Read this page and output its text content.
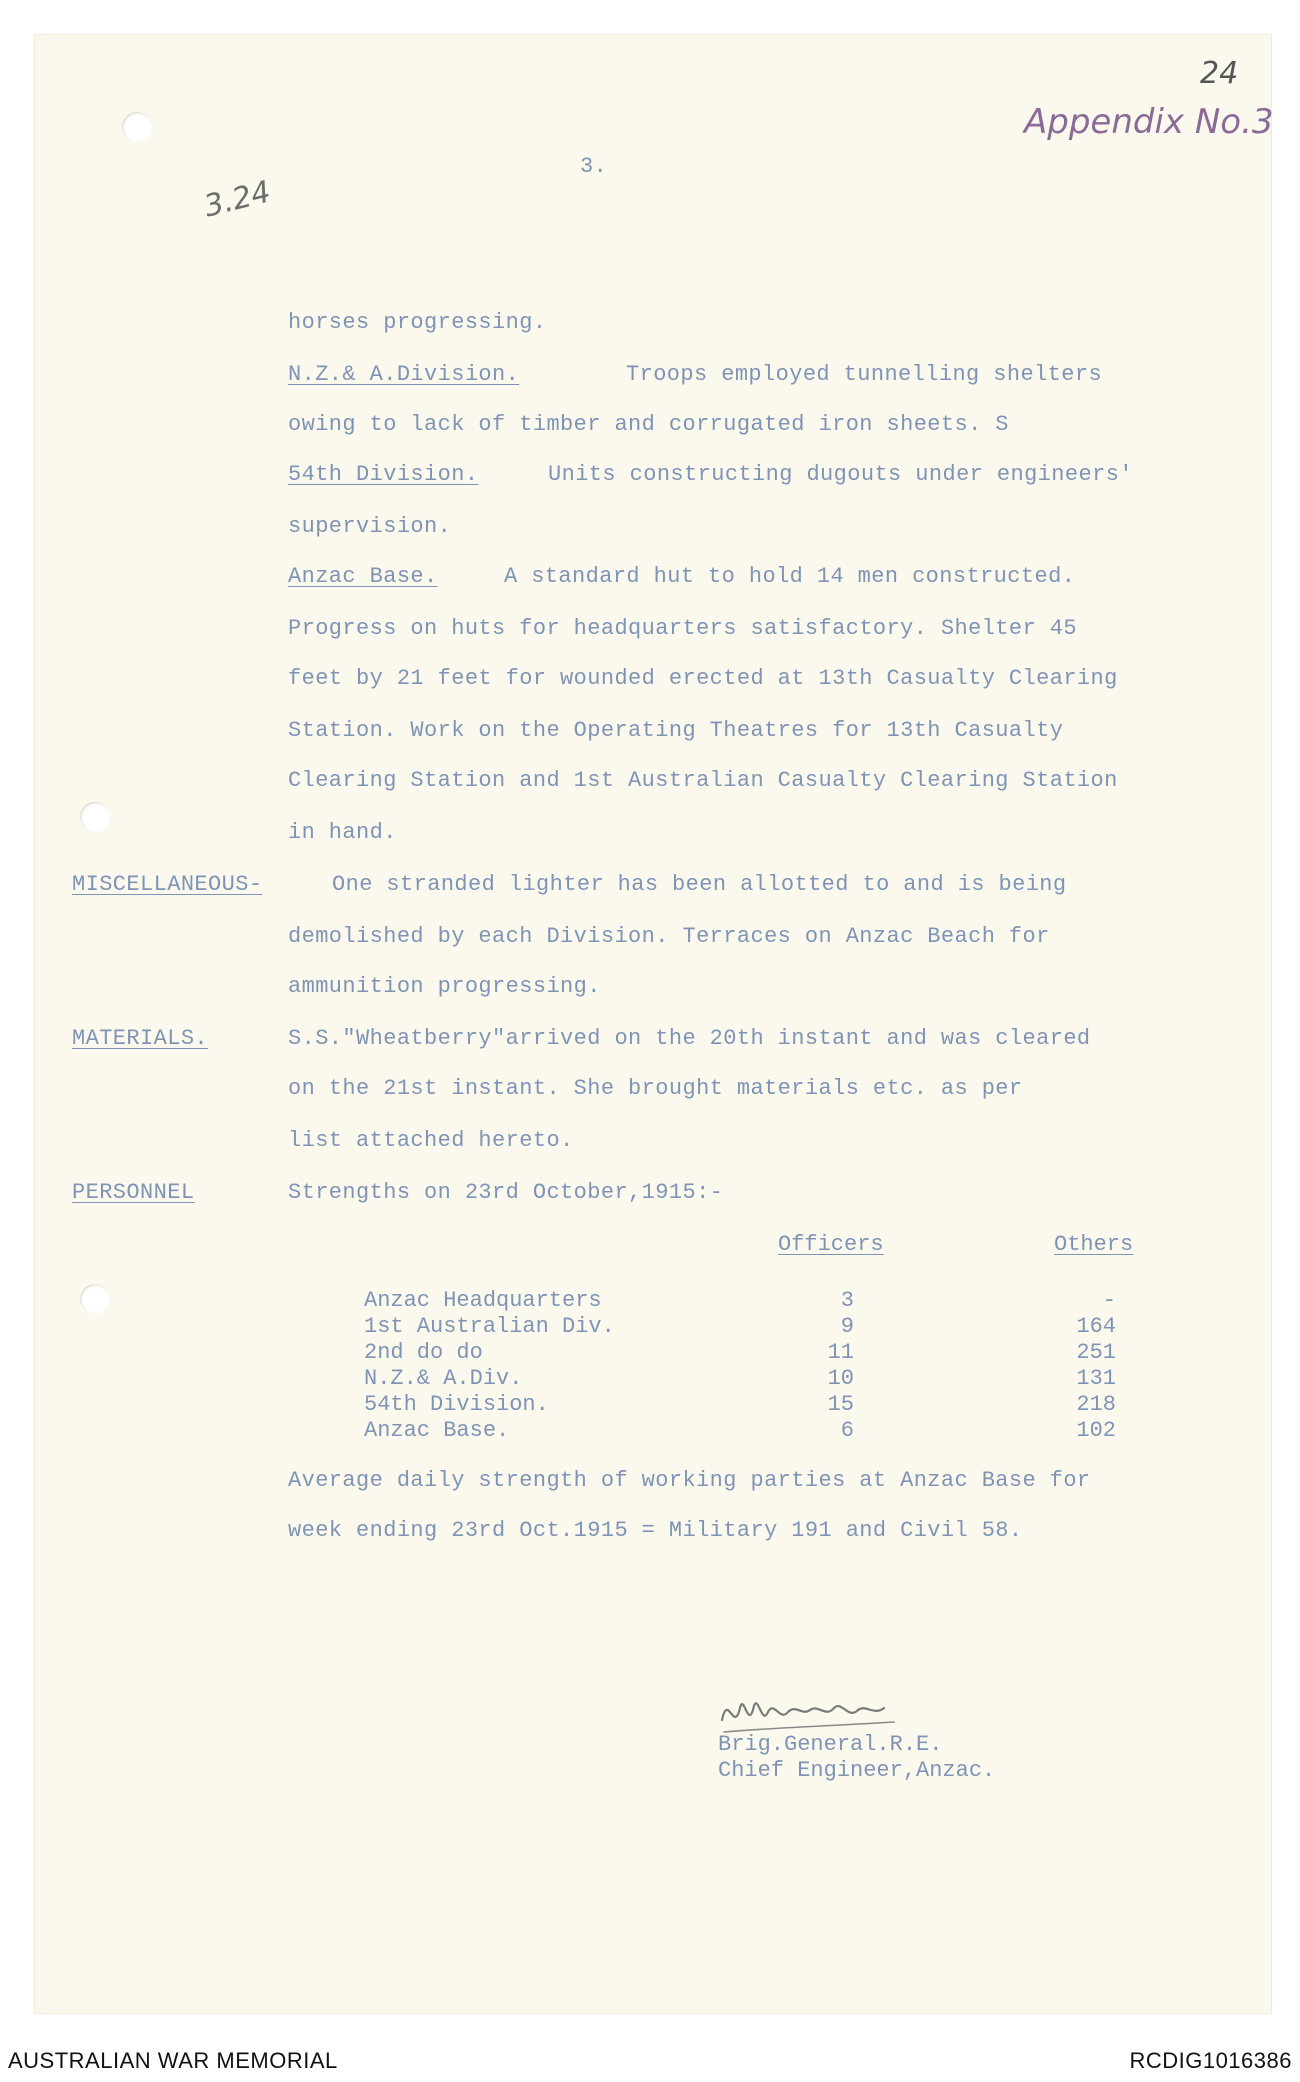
24
Appendix No.3
3.24
3.
horses progressing.
N.Z.& A.Division.	Troops employed tunnelling shelters
owing to lack of timber and corrugated iron sheets. S
54th Division.	Units constructing dugouts under engineers'
supervision.
Anzac Base.	A standard hut to hold 14 men constructed.
Progress on huts for headquarters satisfactory. Shelter 45
feet by 21 feet for wounded erected at 13th Casualty Clearing
Station. Work on the Operating Theatres for 13th Casualty
Clearing Station and 1st Australian Casualty Clearing Station
in hand.
MISCELLANEOUS-	One stranded lighter has been allotted to and is being
demolished by each Division. Terraces on Anzac Beach for
ammunition progressing.
MATERIALS.	S.S."Wheatberry"arrived on the 20th instant and was cleared
on the 21st instant. She brought materials etc. as per
list attached hereto.
PERSONNEL	Strengths on 23rd October,1915:-
Officers	Others
Anzac Headquarters	3	-
1st Australian Div.	9	164
2nd do do	11	251
N.Z.& A.Div.	10	131
54th Division.	15	218
Anzac Base.	6	102
Average daily strength of working parties at Anzac Base for
week ending 23rd Oct.1915 = Military 191 and Civil 58.
Brig.General.R.E.
Chief Engineer,Anzac.
AUSTRALIAN WAR MEMORIAL	RCDIG1016386
